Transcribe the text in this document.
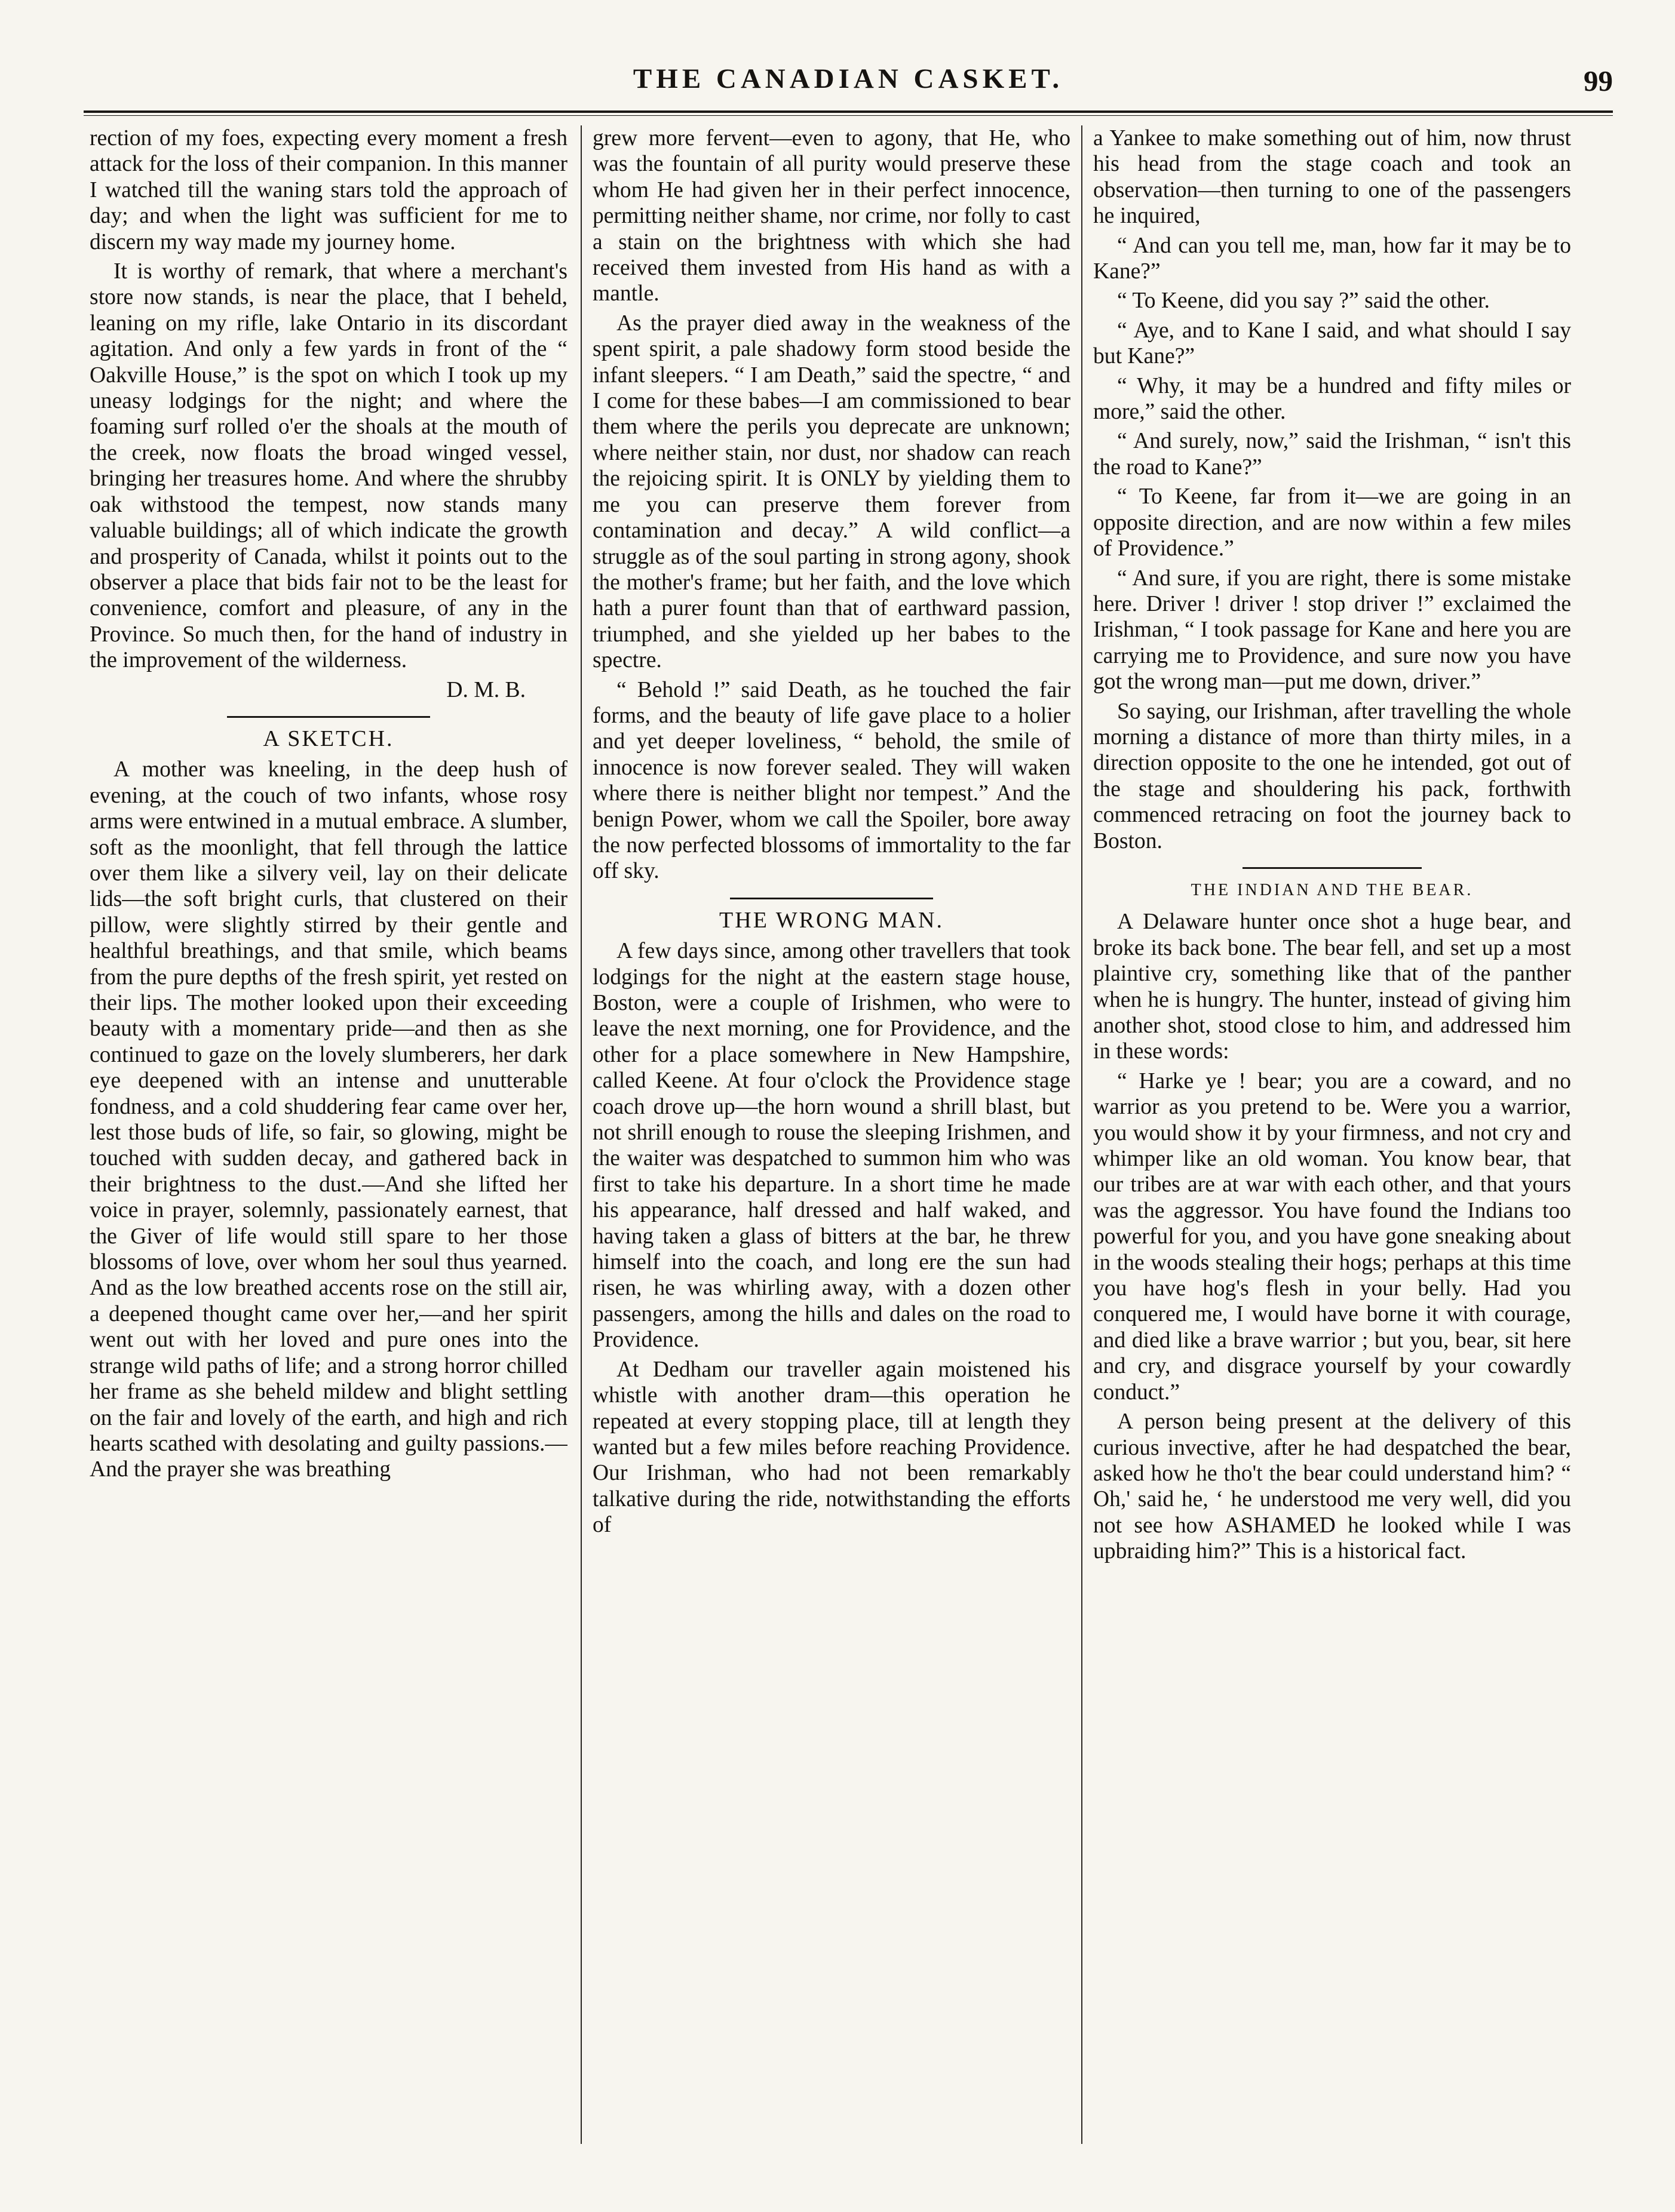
THE CANADIAN CASKET.	99

rection of my foes, expecting every moment a fresh attack for the loss of their companion. In this manner I watched till the waning stars told the approach of day; and when the light was sufficient for me to discern my way made my journey home.

It is worthy of remark, that where a merchant's store now stands, is near the place, that I beheld, leaning on my rifle, lake Ontario in its discordant agitation. And only a few yards in front of the “ Oakville House,” is the spot on which I took up my uneasy lodgings for the night; and where the foaming surf rolled o'er the shoals at the mouth of the creek, now floats the broad winged vessel, bringing her treasures home. And where the shrubby oak withstood the tempest, now stands many valuable buildings; all of which indicate the growth and prosperity of Canada, whilst it points out to the observer a place that bids fair not to be the least for convenience, comfort and pleasure, of any in the Province. So much then, for the hand of industry in the improvement of the wilderness.

D. M. B.

A SKETCH.

A mother was kneeling, in the deep hush of evening, at the couch of two infants, whose rosy arms were entwined in a mutual embrace. A slumber, soft as the moonlight, that fell through the lattice over them like a silvery veil, lay on their delicate lids—the soft bright curls, that clustered on their pillow, were slightly stirred by their gentle and healthful breathings, and that smile, which beams from the pure depths of the fresh spirit, yet rested on their lips. The mother looked upon their exceeding beauty with a momentary pride—and then as she continued to gaze on the lovely slumberers, her dark eye deepened with an intense and unutterable fondness, and a cold shuddering fear came over her, lest those buds of life, so fair, so glowing, might be touched with sudden decay, and gathered back in their brightness to the dust.—And she lifted her voice in prayer, solemnly, passionately earnest, that the Giver of life would still spare to her those blossoms of love, over whom her soul thus yearned. And as the low breathed accents rose on the still air, a deepened thought came over her,—and her spirit went out with her loved and pure ones into the strange wild paths of life; and a strong horror chilled her frame as she beheld mildew and blight settling on the fair and lovely of the earth, and high and rich hearts scathed with desolating and guilty passions.—And the prayer she was breathing

grew more fervent—even to agony, that He, who was the fountain of all purity would preserve these whom He had given her in their perfect innocence, permitting neither shame, nor crime, nor folly to cast a stain on the brightness with which she had received them invested from His hand as with a mantle.

As the prayer died away in the weakness of the spent spirit, a pale shadowy form stood beside the infant sleepers. “ I am Death,” said the spectre, “ and I come for these babes—I am commissioned to bear them where the perils you deprecate are unknown; where neither stain, nor dust, nor shadow can reach the rejoicing spirit. It is ONLY by yielding them to me you can preserve them forever from contamination and decay.” A wild conflict—a struggle as of the soul parting in strong agony, shook the mother's frame; but her faith, and the love which hath a purer fount than that of earthward passion, triumphed, and she yielded up her babes to the spectre.

“ Behold !” said Death, as he touched the fair forms, and the beauty of life gave place to a holier and yet deeper loveliness, “ behold, the smile of innocence is now forever sealed. They will waken where there is neither blight nor tempest.” And the benign Power, whom we call the Spoiler, bore away the now perfected blossoms of immortality to the far off sky.

THE WRONG MAN.

A few days since, among other travellers that took lodgings for the night at the eastern stage house, Boston, were a couple of Irishmen, who were to leave the next morning, one for Providence, and the other for a place somewhere in New Hampshire, called Keene. At four o'clock the Providence stage coach drove up—the horn wound a shrill blast, but not shrill enough to rouse the sleeping Irishmen, and the waiter was despatched to summon him who was first to take his departure. In a short time he made his appearance, half dressed and half waked, and having taken a glass of bitters at the bar, he threw himself into the coach, and long ere the sun had risen, he was whirling away, with a dozen other passengers, among the hills and dales on the road to Providence.

At Dedham our traveller again moistened his whistle with another dram—this operation he repeated at every stopping place, till at length they wanted but a few miles before reaching Providence. Our Irishman, who had not been remarkably talkative during the ride, notwithstanding the efforts of

a Yankee to make something out of him, now thrust his head from the stage coach and took an observation—then turning to one of the passengers he inquired,

“ And can you tell me, man, how far it may be to Kane?”

“ To Keene, did you say ?” said the other.

“ Aye, and to Kane I said, and what should I say but Kane?”

“ Why, it may be a hundred and fifty miles or more,” said the other.

“ And surely, now,” said the Irishman, “ isn't this the road to Kane?”

“ To Keene, far from it—we are going in an opposite direction, and are now within a few miles of Providence.”

“ And sure, if you are right, there is some mistake here. Driver ! driver ! stop driver !” exclaimed the Irishman, “ I took passage for Kane and here you are carrying me to Providence, and sure now you have got the wrong man—put me down, driver.”

So saying, our Irishman, after travelling the whole morning a distance of more than thirty miles, in a direction opposite to the one he intended, got out of the stage and shouldering his pack, forthwith commenced retracing on foot the journey back to Boston.

THE INDIAN AND THE BEAR.

A Delaware hunter once shot a huge bear, and broke its back bone. The bear fell, and set up a most plaintive cry, something like that of the panther when he is hungry. The hunter, instead of giving him another shot, stood close to him, and addressed him in these words:

“ Harke ye ! bear; you are a coward, and no warrior as you pretend to be. Were you a warrior, you would show it by your firmness, and not cry and whimper like an old woman. You know bear, that our tribes are at war with each other, and that yours was the aggressor. You have found the Indians too powerful for you, and you have gone sneaking about in the woods stealing their hogs; perhaps at this time you have hog's flesh in your belly. Had you conquered me, I would have borne it with courage, and died like a brave warrior ; but you, bear, sit here and cry, and disgrace yourself by your cowardly conduct.”

A person being present at the delivery of this curious invective, after he had despatched the bear, asked how he tho't the bear could understand him? “ Oh,' said he, ‘ he understood me very well, did you not see how ASHAMED he looked while I was upbraiding him?” This is a historical fact.
